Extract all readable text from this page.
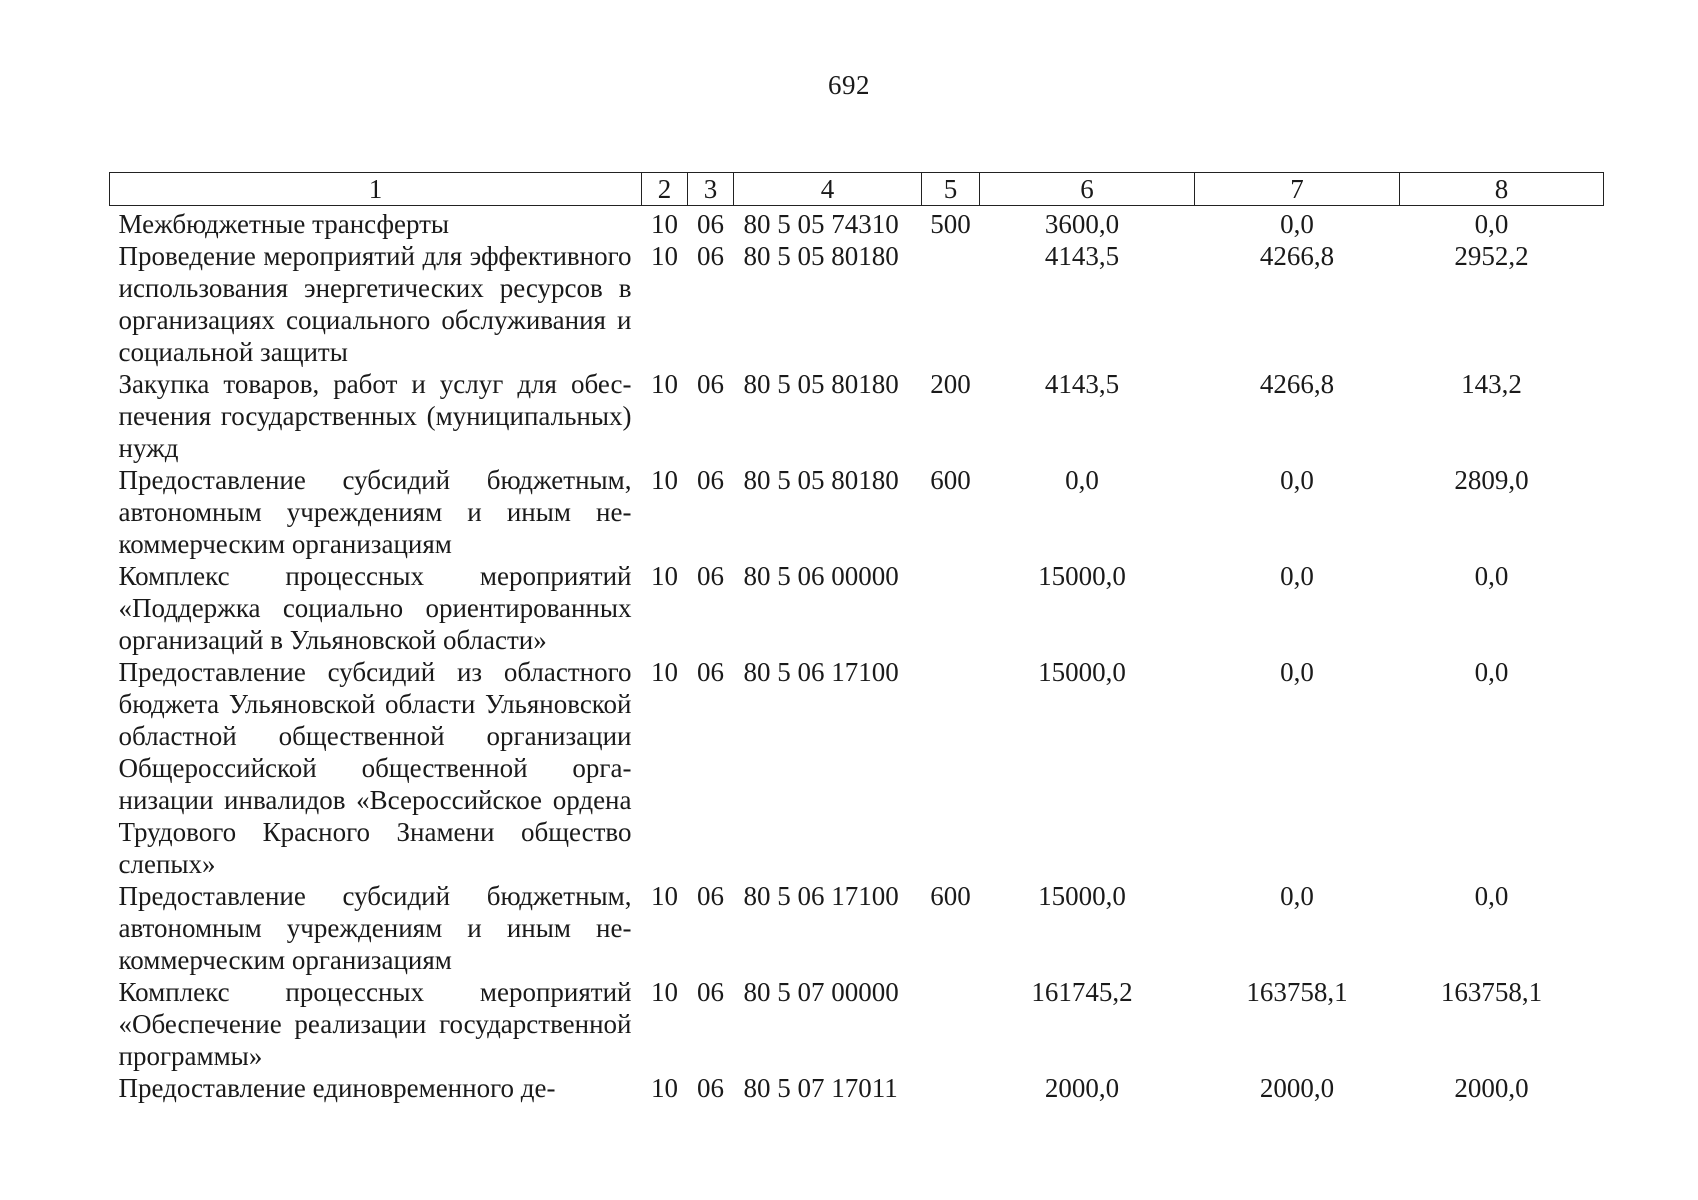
692
1	2	3	4	5	6	7	8
Межбюджетные трансферты	10	06	80 5 05 74310	500	3600,0	0,0	0,0
Проведение мероприятий для эффективного использования энергетических ресурсов в организациях социального обслуживания и социальной защиты	10	06	80 5 05 80180		4143,5	4266,8	2952,2
Закупка товаров, работ и услуг для обеспечения государственных (муниципальных) нужд	10	06	80 5 05 80180	200	4143,5	4266,8	143,2
Предоставление субсидий бюджетным, автономным учреждениям и иным некоммерческим организациям	10	06	80 5 05 80180	600	0,0	0,0	2809,0
Комплекс процессных мероприятий «Поддержка социально ориентированных организаций в Ульяновской области»	10	06	80 5 06 00000		15000,0	0,0	0,0
Предоставление субсидий из областного бюджета Ульяновской области Ульяновской областной общественной организации Общероссийской общественной организации инвалидов «Всероссийское ордена Трудового Красного Знамени общество слепых»	10	06	80 5 06 17100		15000,0	0,0	0,0
Предоставление субсидий бюджетным, автономным учреждениям и иным некоммерческим организациям	10	06	80 5 06 17100	600	15000,0	0,0	0,0
Комплекс процессных мероприятий «Обеспечение реализации государственной программы»	10	06	80 5 07 00000		161745,2	163758,1	163758,1
Предоставление единовременного де-	10	06	80 5 07 17011		2000,0	2000,0	2000,0
